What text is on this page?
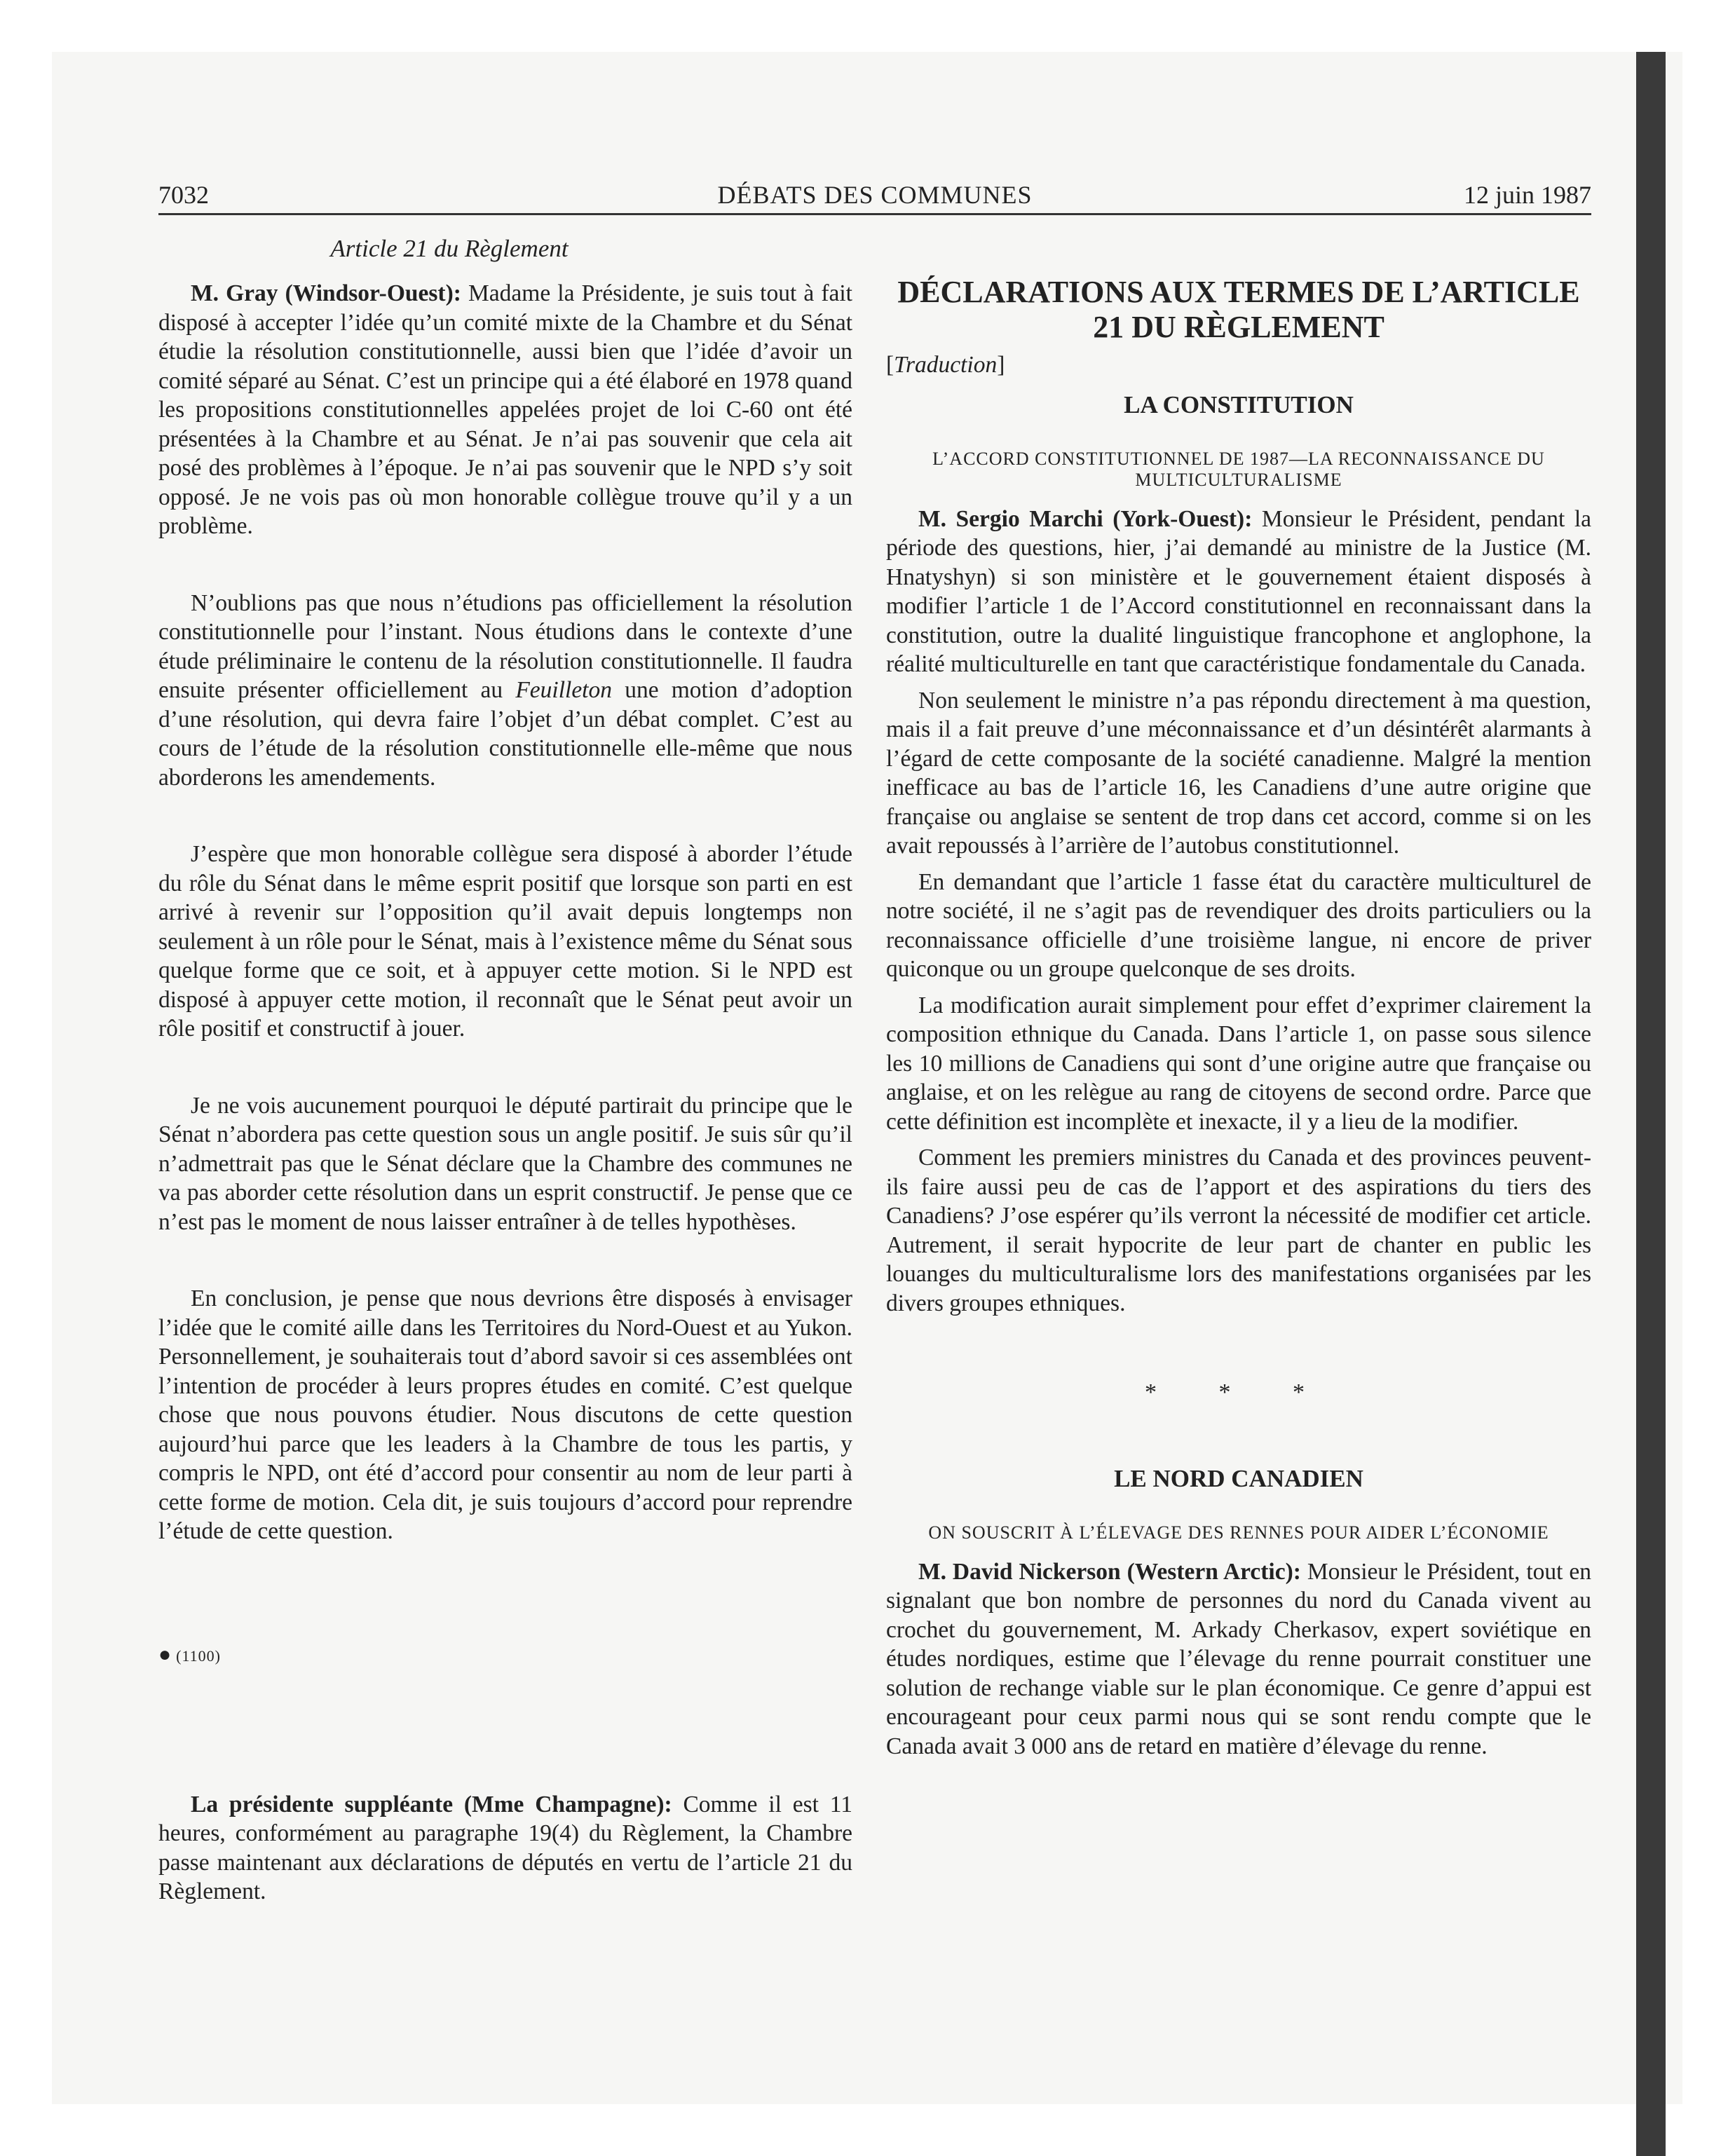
7032	DÉBATS DES COMMUNES	12 juin 1987
Article 21 du Règlement

M. Gray (Windsor-Ouest): Madame la Présidente, je suis tout à fait disposé à accepter l’idée qu’un comité mixte de la Chambre et du Sénat étudie la résolution constitutionnelle, aussi bien que l’idée d’avoir un comité séparé au Sénat. C’est un principe qui a été élaboré en 1978 quand les propositions constitutionnelles appelées projet de loi C-60 ont été présentées à la Chambre et au Sénat. Je n’ai pas souvenir que cela ait posé des problèmes à l’époque. Je n’ai pas souvenir que le NPD s’y soit opposé. Je ne vois pas où mon honorable collègue trouve qu’il y a un problème.

N’oublions pas que nous n’étudions pas officiellement la résolution constitutionnelle pour l’instant. Nous étudions dans le contexte d’une étude préliminaire le contenu de la résolution constitutionnelle. Il faudra ensuite présenter officiellement au Feuilleton une motion d’adoption d’une résolution, qui devra faire l’objet d’un débat complet. C’est au cours de l’étude de la résolution constitutionnelle elle-même que nous aborderons les amendements.

J’espère que mon honorable collègue sera disposé à aborder l’étude du rôle du Sénat dans le même esprit positif que lorsque son parti en est arrivé à revenir sur l’opposition qu’il avait depuis longtemps non seulement à un rôle pour le Sénat, mais à l’existence même du Sénat sous quelque forme que ce soit, et à appuyer cette motion. Si le NPD est disposé à appuyer cette motion, il reconnaît que le Sénat peut avoir un rôle positif et constructif à jouer.

Je ne vois aucunement pourquoi le député partirait du principe que le Sénat n’abordera pas cette question sous un angle positif. Je suis sûr qu’il n’admettrait pas que le Sénat déclare que la Chambre des communes ne va pas aborder cette résolution dans un esprit constructif. Je pense que ce n’est pas le moment de nous laisser entraîner à de telles hypothèses.

En conclusion, je pense que nous devrions être disposés à envisager l’idée que le comité aille dans les Territoires du Nord-Ouest et au Yukon. Personnellement, je souhaiterais tout d’abord savoir si ces assemblées ont l’intention de procéder à leurs propres études en comité. C’est quelque chose que nous pouvons étudier. Nous discutons de cette question aujourd’hui parce que les leaders à la Chambre de tous les partis, y compris le NPD, ont été d’accord pour consentir au nom de leur parti à cette forme de motion. Cela dit, je suis toujours d’accord pour reprendre l’étude de cette question.

● (1100)

La présidente suppléante (Mme Champagne): Comme il est 11 heures, conformément au paragraphe 19(4) du Règlement, la Chambre passe maintenant aux déclarations de députés en vertu de l’article 21 du Règlement.

DÉCLARATIONS AUX TERMES DE L’ARTICLE 21 DU RÈGLEMENT
[Traduction]
LA CONSTITUTION
L’ACCORD CONSTITUTIONNEL DE 1987—LA RECONNAISSANCE DU MULTICULTURALISME

M. Sergio Marchi (York-Ouest): Monsieur le Président, pendant la période des questions, hier, j’ai demandé au ministre de la Justice (M. Hnatyshyn) si son ministère et le gouvernement étaient disposés à modifier l’article 1 de l’Accord constitutionnel en reconnaissant dans la constitution, outre la dualité linguistique francophone et anglophone, la réalité multiculturelle en tant que caractéristique fondamentale du Canada.

Non seulement le ministre n’a pas répondu directement à ma question, mais il a fait preuve d’une méconnaissance et d’un désintérêt alarmants à l’égard de cette composante de la société canadienne. Malgré la mention inefficace au bas de l’article 16, les Canadiens d’une autre origine que française ou anglaise se sentent de trop dans cet accord, comme si on les avait repoussés à l’arrière de l’autobus constitutionnel.

En demandant que l’article 1 fasse état du caractère multiculturel de notre société, il ne s’agit pas de revendiquer des droits particuliers ou la reconnaissance officielle d’une troisième langue, ni encore de priver quiconque ou un groupe quelconque de ses droits.

La modification aurait simplement pour effet d’exprimer clairement la composition ethnique du Canada. Dans l’article 1, on passe sous silence les 10 millions de Canadiens qui sont d’une origine autre que française ou anglaise, et on les relègue au rang de citoyens de second ordre. Parce que cette définition est incomplète et inexacte, il y a lieu de la modifier.

Comment les premiers ministres du Canada et des provinces peuvent-ils faire aussi peu de cas de l’apport et des aspirations du tiers des Canadiens? J’ose espérer qu’ils verront la nécessité de modifier cet article. Autrement, il serait hypocrite de leur part de chanter en public les louanges du multiculturalisme lors des manifestations organisées par les divers groupes ethniques.

* * *
LE NORD CANADIEN
ON SOUSCRIT À L’ÉLEVAGE DES RENNES POUR AIDER L’ÉCONOMIE

M. David Nickerson (Western Arctic): Monsieur le Président, tout en signalant que bon nombre de personnes du nord du Canada vivent au crochet du gouvernement, M. Arkady Cherkasov, expert soviétique en études nordiques, estime que l’élevage du renne pourrait constituer une solution de rechange viable sur le plan économique. Ce genre d’appui est encourageant pour ceux parmi nous qui se sont rendu compte que le Canada avait 3 000 ans de retard en matière d’élevage du renne.
